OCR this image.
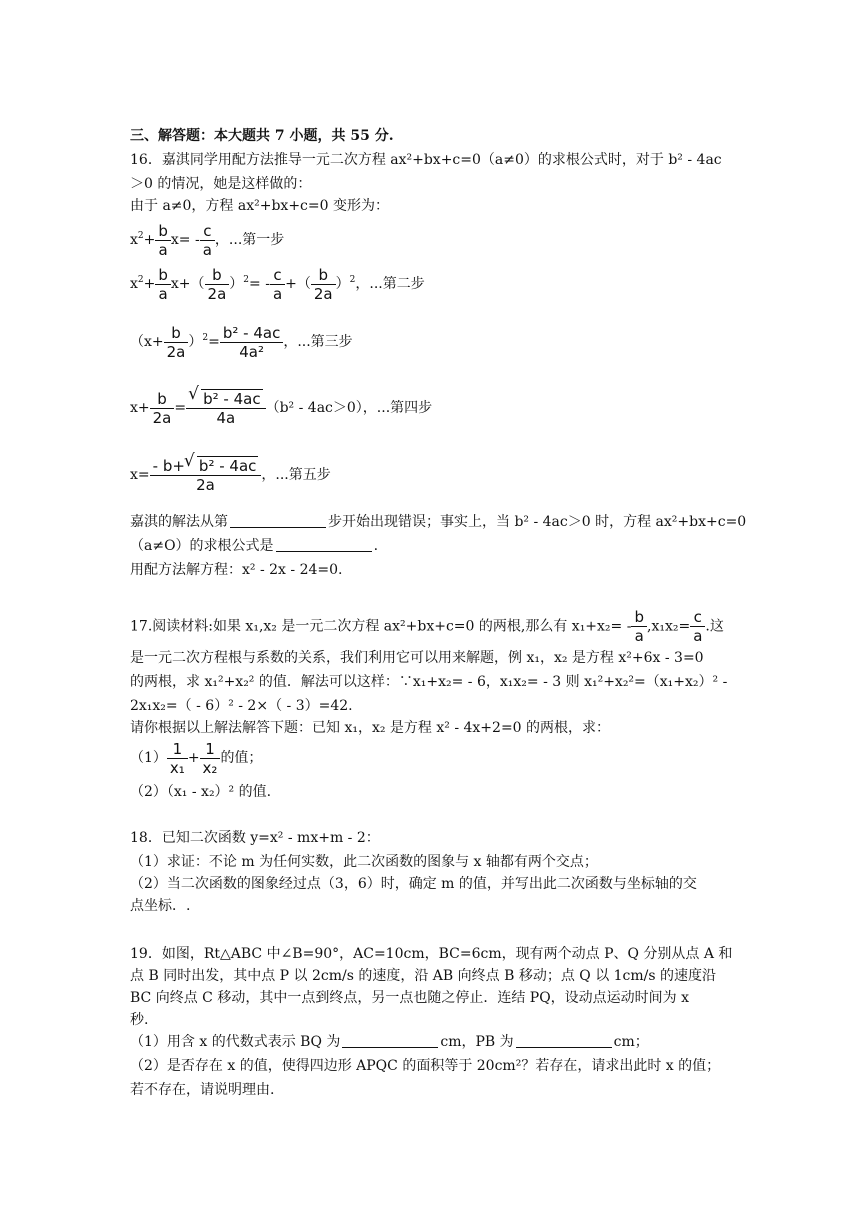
三、解答题：本大题共 7 小题，共 55 分.
16．嘉淇同学用配方法推导一元二次方程 ax²+bx+c=0（a≠0）的求根公式时，对于 b² - 4ac
＞0 的情况，她是这样做的：
由于 a≠0，方程 ax²+bx+c=0 变形为：
$x^2+ \frac{b}{a} x= - \frac{c}{a}$ ，...第一步
$x^2+ \frac{b}{a} x+( \frac{b}{2a} )^2= - \frac{c}{a}$ +（ $\frac{b}{2a} )^2$，...第二步
$(x+ \frac{b}{2a} )^2= \frac{\text{b² - 4ac}}{\text{4a²}}$ ，...第三步
$x+ \frac{b}{2a}$ = √ $\frac{\text{b² - 4ac}}{4a} (b^2 - 4ac>0)$，...第四步
$x= \frac{\text{- b+ √ b² - 4ac}}{2a}$ ，...第五步
嘉淇的解法从第	步开始出现错误；事实上，当 b² - 4ac＞0 时，方程 ax²+bx+c=0
（a≠O）的求根公式是	.
用配方法解方程：x² - 2x - 24=0.
17.阅读材料:如果 x₁,x₂ 是一元二次方程 ax²+bx+c=0 的两根,那么有 $x_1+x_2= - \frac{b}{a} ,x_1x_2= \frac{c}{a}$ .这
是一元二次方程根与系数的关系，我们利用它可以用来解题，例 x₁，x₂ 是方程 x²+6x - 3=0
的两根，求 x₁²+x₂² 的值．解法可以这样：∵x₁+x₂= - 6，x₁x₂= - 3 则 x₁²+x₂²=（x₁+x₂）² -
2x₁x₂=（ - 6）² - 2×（ - 3）=42.
请你根据以上解法解答下题：已知 x₁，x₂ 是方程 x² - 4x+2=0 的两根，求：
$(1) \frac{1}{\text{x₁}} + \frac{1}{\text{x₂}}$ 的值；
（2）（x₁ - x₂）² 的值.
18．已知二次函数 y=x² - mx+m - 2：
（1）求证：不论 m 为任何实数，此二次函数的图象与 x 轴都有两个交点；
（2）当二次函数的图象经过点（3，6）时，确定 m 的值，并写出此二次函数与坐标轴的交
点坐标．.
19．如图，Rt△ABC 中∠B=90°，AC=10cm，BC=6cm，现有两个动点 P、Q 分别从点 A 和
点 B 同时出发，其中点 P 以 2cm/s 的速度，沿 AB 向终点 B 移动；点 Q 以 1cm/s 的速度沿
BC 向终点 C 移动，其中一点到终点，另一点也随之停止．连结 PQ，设动点运动时间为 x
秒.
（1）用含 x 的代数式表示 BQ 为	cm，PB 为	cm；
（2）是否存在 x 的值，使得四边形 APQC 的面积等于 20cm²？若存在，请求出此时 x 的值；
若不存在，请说明理由.
